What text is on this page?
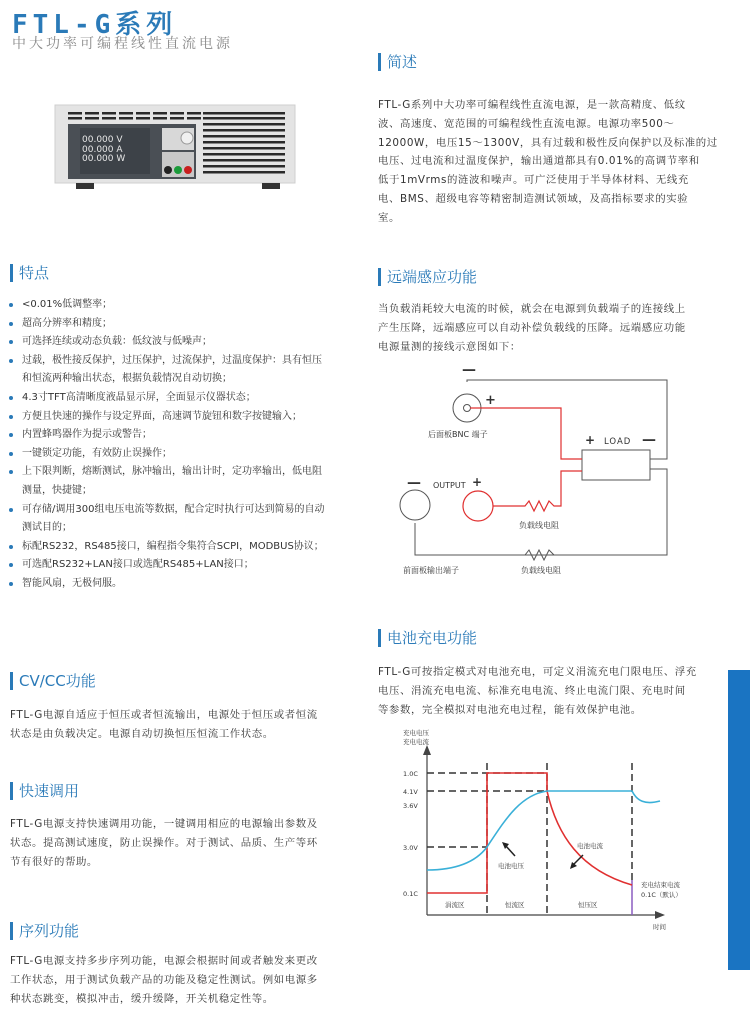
FTL-G系列
中大功率可编程线性直流电源
00.000 V
00.000 A
00.000 W
简述
FTL-G系列中大功率可编程线性直流电源，是一款高精度、低纹
波、高速度、宽范围的可编程线性直流电源。电源功率500～
12000W，电压15～1300V，具有过载和极性反向保护以及标准的过
电压、过电流和过温度保护，输出通道都具有0.01%的高调节率和
低于1mVrms的涟波和噪声。可广泛使用于半导体材料、无线充
电、BMS、超级电容等精密制造测试领域，及高指标要求的实验
室。
特点
<0.01%低调整率；
超高分辨率和精度；
可选择连续或动态负载：低纹波与低噪声；
过载，极性接反保护，过压保护，过流保护，过温度保护：具有恒压
和恒流两种输出状态，根据负载情况自动切换；
4.3寸TFT高清晰度液晶显示屏，全面显示仪器状态；
方便且快速的操作与设定界面，高速调节旋钮和数字按键输入；
内置蜂鸣器作为提示或警告；
一键锁定功能，有效防止误操作；
上下限判断，熔断测试，脉冲输出，输出计时，定功率输出，低电阻
测量，快捷键；
可存储/调用300组电压电流等数据，配合定时执行可达到简易的自动
测试目的；
标配RS232，RS485接口，编程指令集符合SCPI，MODBUS协议；
可选配RS232+LAN接口或选配RS485+LAN接口；
智能风扇，无极伺服。
远端感应功能
当负载消耗较大电流的时候，就会在电源到负载端子的连接线上
产生压降，远端感应可以自动补偿负载线的压降。远端感应功能
电源量测的接线示意图如下：
—
+
后面板BNC 端子	+ LOAD —
— OUTPUT +
负载线电阻
前面板输出端子	负载线电阻
CV/CC功能
FTL-G电源自适应于恒压或者恒流输出，电源处于恒压或者恒流
状态是由负载决定。电源自动切换恒压恒流工作状态。
快速调用
FTL-G电源支持快速调用功能，一键调用相应的电源输出参数及
状态。提高测试速度，防止误操作。对于测试、品质、生产等环
节有很好的帮助。
序列功能
FTL-G电源支持多步序列功能，电源会根据时间或者触发来更改
工作状态，用于测试负载产品的功能及稳定性测试。例如电源多
种状态跳变，模拟冲击，缓升缓降，开关机稳定性等。
电池充电功能
FTL-G可按指定模式对电池充电，可定义涓流充电门限电压、浮充
电压、涓流充电电流、标准充电电流、终止电流门限、充电时间
等参数，完全模拟对电池充电过程，能有效保护电池。
充电电压
充电电流
1.0C
4.1V
3.6V
3.0V
0.1C
涓流区	恒流区	恒压区
电池电压
电池电流
充电结束电流
0.1C（默认）
时间
